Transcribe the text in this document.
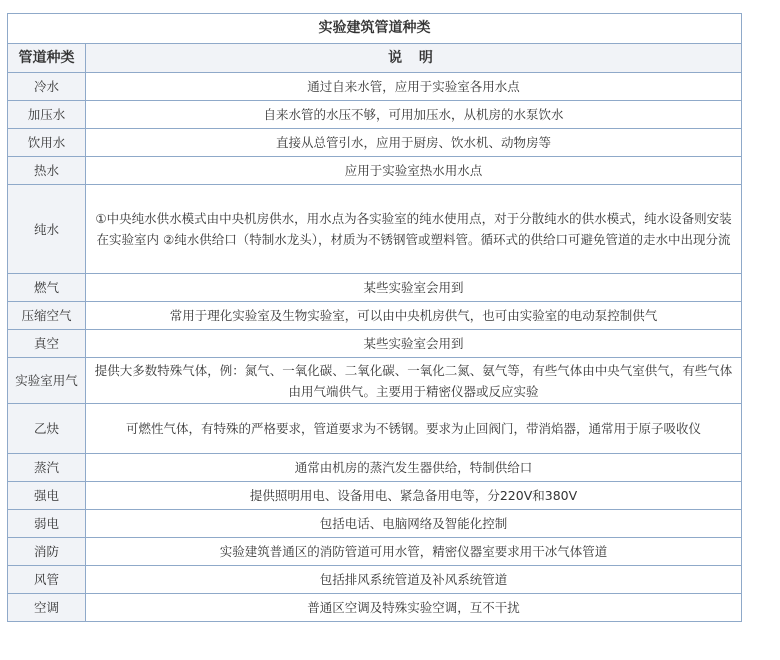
实验建筑管道种类	
管道种类	说 明
冷水	通过自来水管，应用于实验室各用水点
加压水	自来水管的水压不够，可用加压水，从机房的水泵饮水
饮用水	直接从总管引水，应用于厨房、饮水机、动物房等
热水	应用于实验室热水用水点
纯水	①中央纯水供水模式由中央机房供水，用水点为各实验室的纯水使用点，对于分散纯水的供水模式，纯水设备则安装在实验室内 ②纯水供给口（特制水龙头），材质为不锈钢管或塑料管。循环式的供给口可避免管道的走水中出现分流
燃气	某些实验室会用到
压缩空气	常用于理化实验室及生物实验室，可以由中央机房供气，也可由实验室的电动泵控制供气
真空	某些实验室会用到
实验室用气	提供大多数特殊气体，例：氮气、一氧化碳、二氧化碳、一氧化二氮、氨气等，有些气体由中央气室供气，有些气体由用气端供气。主要用于精密仪器或反应实验
乙炔	可燃性气体，有特殊的严格要求，管道要求为不锈钢。要求为止回阀门，带消焰器，通常用于原子吸收仪
蒸汽	通常由机房的蒸汽发生器供给，特制供给口
强电	提供照明用电、设备用电、紧急备用电等，分220V和380V
弱电	包括电话、电脑网络及智能化控制
消防	实验建筑普通区的消防管道可用水管，精密仪器室要求用干冰气体管道
风管	包括排风系统管道及补风系统管道
空调	普通区空调及特殊实验空调，互不干扰
